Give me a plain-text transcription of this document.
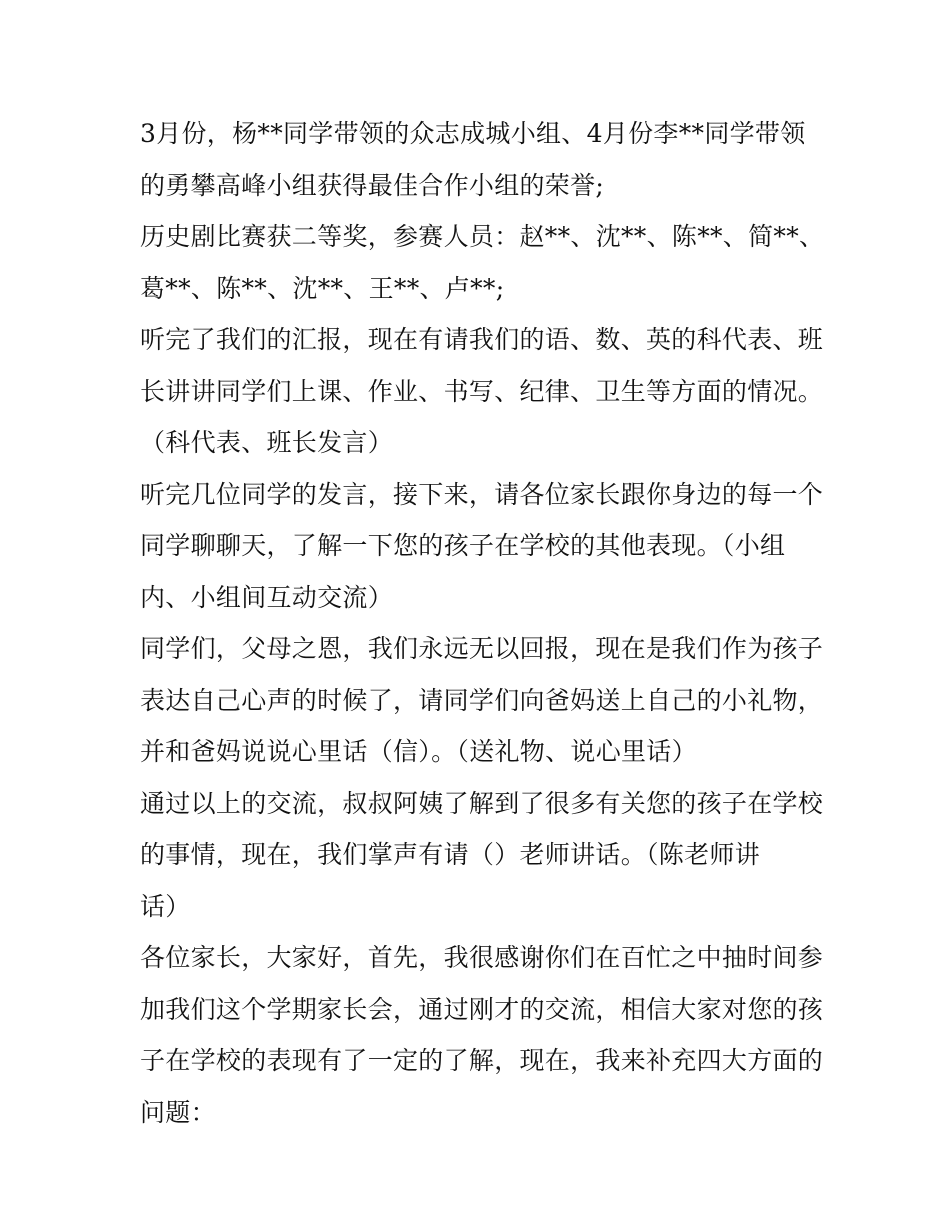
3月份，杨**同学带领的众志成城小组、4月份李**同学带领
的勇攀高峰小组获得最佳合作小组的荣誉;
历史剧比赛获二等奖，参赛人员：赵**、沈**、陈**、简**、
葛**、陈**、沈**、王**、卢**;
听完了我们的汇报，现在有请我们的语、数、英的科代表、班
长讲讲同学们上课、作业、书写、纪律、卫生等方面的情况。
（科代表、班长发言）
听完几位同学的发言，接下来，请各位家长跟你身边的每一个
同学聊聊天，了解一下您的孩子在学校的其他表现。（小组
内、小组间互动交流）
同学们，父母之恩，我们永远无以回报，现在是我们作为孩子
表达自己心声的时候了，请同学们向爸妈送上自己的小礼物，
并和爸妈说说心里话（信）。（送礼物、说心里话）
通过以上的交流，叔叔阿姨了解到了很多有关您的孩子在学校
的事情，现在，我们掌声有请（）老师讲话。（陈老师讲
话）
各位家长，大家好，首先，我很感谢你们在百忙之中抽时间参
加我们这个学期家长会，通过刚才的交流，相信大家对您的孩
子在学校的表现有了一定的了解，现在，我来补充四大方面的
问题：
